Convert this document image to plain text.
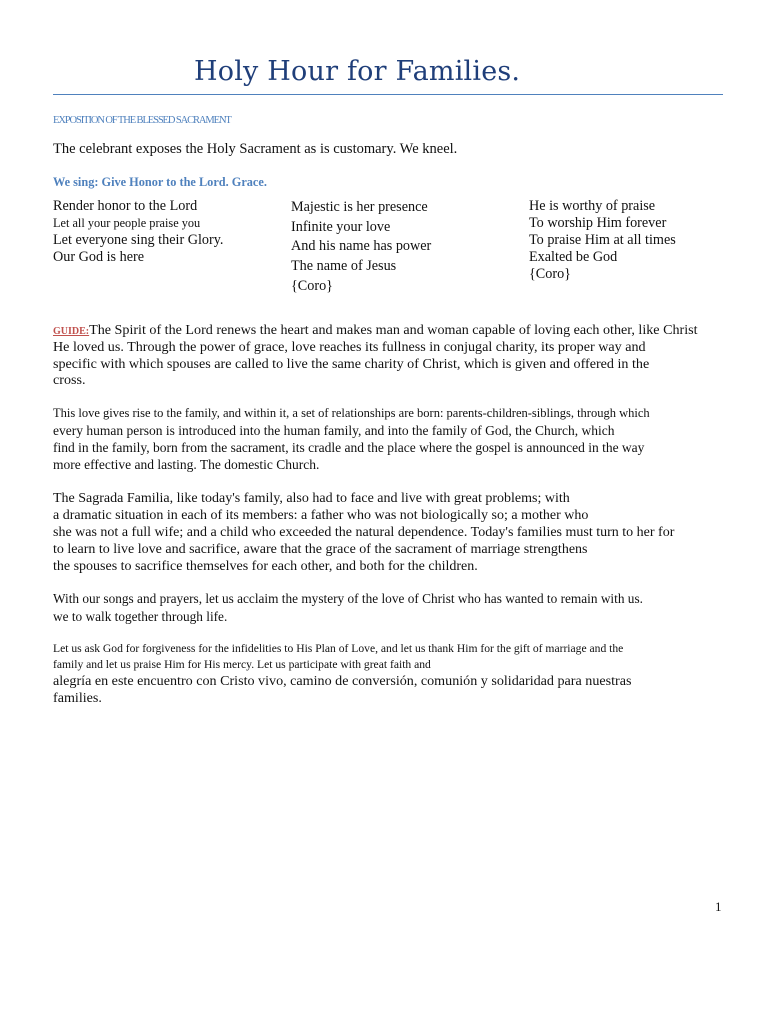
Holy Hour for Families.
EXPOSITION OF THE BLESSED SACRAMENT
The celebrant exposes the Holy Sacrament as is customary. We kneel.
We sing: Give Honor to the Lord. Grace.
Render honor to the Lord
Let all your people praise you
Let everyone sing their Glory.
Our God is here
Majestic is her presence
Infinite your love
And his name has power
The name of Jesus
{Coro}
He is worthy of praise
To worship Him forever
To praise Him at all times
Exalted be God
{Coro}
GUIDE:The Spirit of the Lord renews the heart and makes man and woman capable of loving each other, like Christ
He loved us. Through the power of grace, love reaches its fullness in conjugal charity, its proper way and
specific with which spouses are called to live the same charity of Christ, which is given and offered in the
cross.
This love gives rise to the family, and within it, a set of relationships are born: parents-children-siblings, through which
every human person is introduced into the human family, and into the family of God, the Church, which
find in the family, born from the sacrament, its cradle and the place where the gospel is announced in the way
more effective and lasting. The domestic Church.
The Sagrada Familia, like today's family, also had to face and live with great problems; with
a dramatic situation in each of its members: a father who was not biologically so; a mother who
she was not a full wife; and a child who exceeded the natural dependence. Today's families must turn to her for
to learn to live love and sacrifice, aware that the grace of the sacrament of marriage strengthens
the spouses to sacrifice themselves for each other, and both for the children.
With our songs and prayers, let us acclaim the mystery of the love of Christ who has wanted to remain with us.
we to walk together through life.
Let us ask God for forgiveness for the infidelities to His Plan of Love, and let us thank Him for the gift of marriage and the
family and let us praise Him for His mercy. Let us participate with great faith and
alegría en este encuentro con Cristo vivo, camino de conversión, comunión y solidaridad para nuestras
families.
1
